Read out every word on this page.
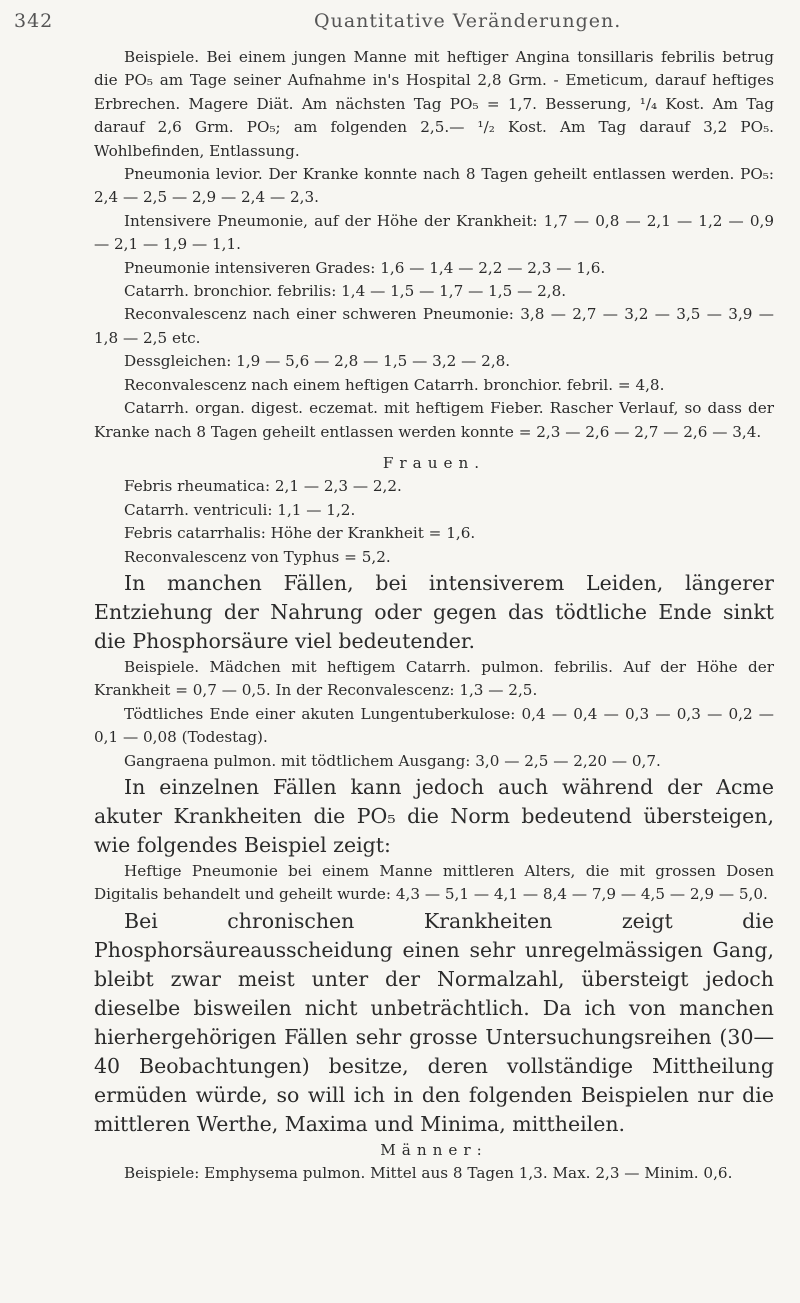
342	Quantitative Veränderungen.

Beispiele. Bei einem jungen Manne mit heftiger Angina tonsillaris febrilis betrug die PO₅ am Tage seiner Aufnahme in's Hospital 2,8 Grm. - Emeticum, darauf heftiges Erbrechen. Magere Diät. Am nächsten Tag PO₅ = 1,7. Besserung, ¹/₄ Kost. Am Tag darauf 2,6 Grm. PO₅; am folgenden 2,5.— ¹/₂ Kost. Am Tag darauf 3,2 PO₅. Wohlbefinden, Entlassung.

Pneumonia levior. Der Kranke konnte nach 8 Tagen geheilt entlassen werden. PO₅: 2,4 — 2,5 — 2,9 — 2,4 — 2,3.

Intensivere Pneumonie, auf der Höhe der Krankheit: 1,7 — 0,8 — 2,1 — 1,2 — 0,9 — 2,1 — 1,9 — 1,1.

Pneumonie intensiveren Grades: 1,6 — 1,4 — 2,2 — 2,3 — 1,6.

Catarrh. bronchior. febrilis: 1,4 — 1,5 — 1,7 — 1,5 — 2,8.

Reconvalescenz nach einer schweren Pneumonie: 3,8 — 2,7 — 3,2 — 3,5 — 3,9 — 1,8 — 2,5 etc.

Dessgleichen: 1,9 — 5,6 — 2,8 — 1,5 — 3,2 — 2,8.

Reconvalescenz nach einem heftigen Catarrh. bronchior. febril. = 4,8.

Catarrh. organ. digest. eczemat. mit heftigem Fieber. Rascher Verlauf, so dass der Kranke nach 8 Tagen geheilt entlassen werden konnte = 2,3 — 2,6 — 2,7 — 2,6 — 3,4.

Frauen.

Febris rheumatica: 2,1 — 2,3 — 2,2.

Catarrh. ventriculi: 1,1 — 1,2.

Febris catarrhalis: Höhe der Krankheit = 1,6.

Reconvalescenz von Typhus = 5,2.

In manchen Fällen, bei intensiverem Leiden, längerer Entziehung der Nahrung oder gegen das tödtliche Ende sinkt die Phosphorsäure viel bedeutender.

Beispiele. Mädchen mit heftigem Catarrh. pulmon. febrilis. Auf der Höhe der Krankheit = 0,7 — 0,5. In der Reconvalescenz: 1,3 — 2,5.

Tödtliches Ende einer akuten Lungentuberkulose: 0,4 — 0,4 — 0,3 — 0,3 — 0,2 — 0,1 — 0,08 (Todestag).

Gangraena pulmon. mit tödtlichem Ausgang: 3,0 — 2,5 — 2,20 — 0,7.

In einzelnen Fällen kann jedoch auch während der Acme akuter Krankheiten die PO₅ die Norm bedeutend übersteigen, wie folgendes Beispiel zeigt:

Heftige Pneumonie bei einem Manne mittleren Alters, die mit grossen Dosen Digitalis behandelt und geheilt wurde: 4,3 — 5,1 — 4,1 — 8,4 — 7,9 — 4,5 — 2,9 — 5,0.

Bei chronischen Krankheiten zeigt die Phosphorsäureausscheidung einen sehr unregelmässigen Gang, bleibt zwar meist unter der Normalzahl, übersteigt jedoch dieselbe bisweilen nicht unbeträchtlich. Da ich von manchen hierhergehörigen Fällen sehr grosse Untersuchungsreihen (30—40 Beobachtungen) besitze, deren vollständige Mittheilung ermüden würde, so will ich in den folgenden Beispielen nur die mittleren Werthe, Maxima und Minima, mittheilen.

Männer:

Beispiele: Emphysema pulmon. Mittel aus 8 Tagen 1,3. Max. 2,3 — Minim. 0,6.
